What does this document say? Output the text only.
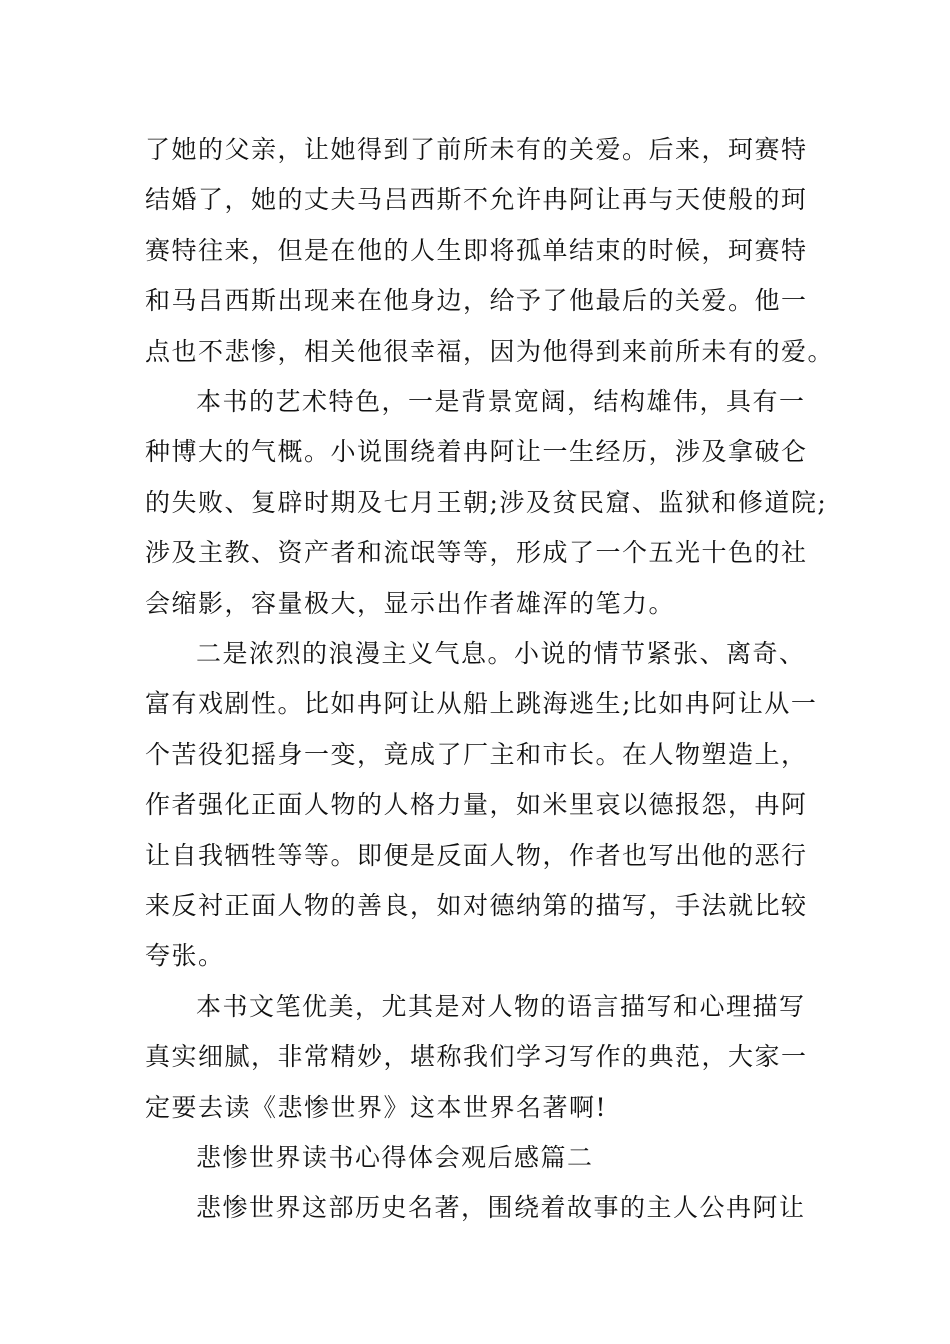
了她的父亲，让她得到了前所未有的关爱。后来，珂赛特
结婚了，她的丈夫马吕西斯不允许冉阿让再与天使般的珂
赛特往来，但是在他的人生即将孤单结束的时候，珂赛特
和马吕西斯出现来在他身边，给予了他最后的关爱。他一
点也不悲惨，相关他很幸福，因为他得到来前所未有的爱。
本书的艺术特色，一是背景宽阔，结构雄伟，具有一
种博大的气概。小说围绕着冉阿让一生经历，涉及拿破仑
的失败、复辟时期及七月王朝;涉及贫民窟、监狱和修道院;
涉及主教、资产者和流氓等等，形成了一个五光十色的社
会缩影，容量极大，显示出作者雄浑的笔力。
二是浓烈的浪漫主义气息。小说的情节紧张、离奇、
富有戏剧性。比如冉阿让从船上跳海逃生;比如冉阿让从一
个苦役犯摇身一变，竟成了厂主和市长。在人物塑造上，
作者强化正面人物的人格力量，如米里哀以德报怨，冉阿
让自我牺牲等等。即便是反面人物，作者也写出他的恶行
来反衬正面人物的善良，如对德纳第的描写，手法就比较
夸张。
本书文笔优美，尤其是对人物的语言描写和心理描写
真实细腻，非常精妙，堪称我们学习写作的典范，大家一
定要去读《悲惨世界》这本世界名著啊!
悲惨世界读书心得体会观后感篇二
悲惨世界这部历史名著，围绕着故事的主人公冉阿让
